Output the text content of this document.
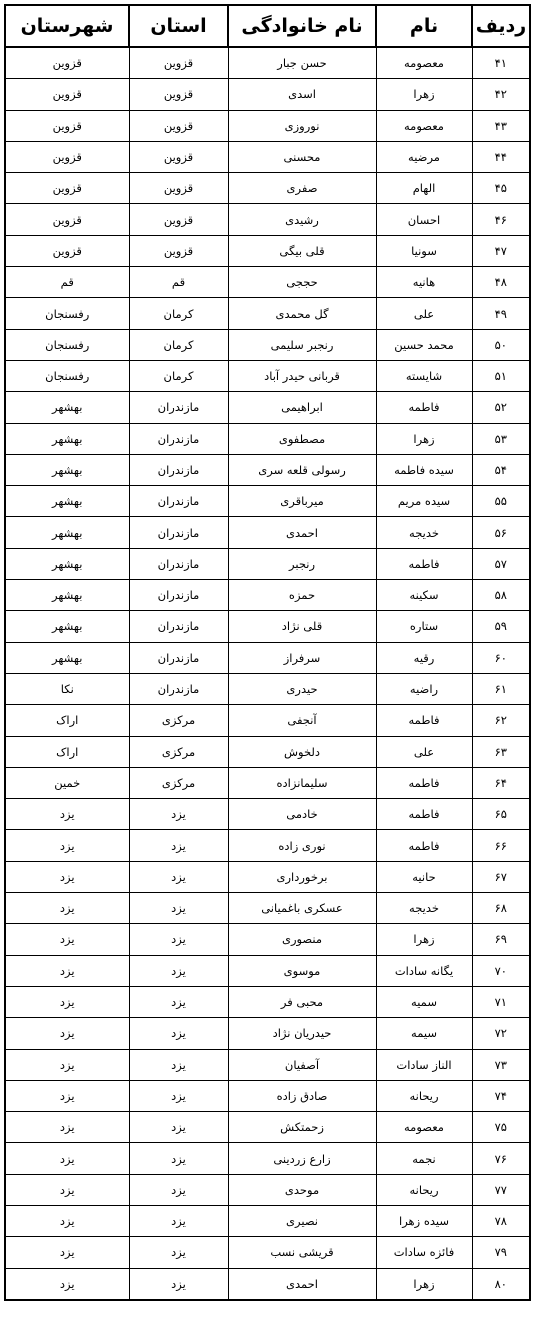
ردیف	نام	نام خانوادگی	استان	شهرستان
۴۱	معصومه	حسن جبار	قزوین	قزوین
۴۲	زهرا	اسدی	قزوین	قزوین
۴۳	معصومه	نوروزی	قزوین	قزوین
۴۴	مرضیه	محسنی	قزوین	قزوین
۴۵	الهام	صفری	قزوین	قزوین
۴۶	احسان	رشیدی	قزوین	قزوین
۴۷	سونیا	قلی بیگی	قزوین	قزوین
۴۸	هانیه	حججی	قم	قم
۴۹	علی	گل محمدی	کرمان	رفسنجان
۵۰	محمد حسین	رنجبر سلیمی	کرمان	رفسنجان
۵۱	شایسته	قربانی حیدر آباد	کرمان	رفسنجان
۵۲	فاطمه	ابراهیمی	مازندران	بهشهر
۵۳	زهرا	مصطفوی	مازندران	بهشهر
۵۴	سیده فاطمه	رسولی قلعه سری	مازندران	بهشهر
۵۵	سیده مریم	میرباقری	مازندران	بهشهر
۵۶	خدیجه	احمدی	مازندران	بهشهر
۵۷	فاطمه	رنجبر	مازندران	بهشهر
۵۸	سکینه	حمزه	مازندران	بهشهر
۵۹	ستاره	قلی نژاد	مازندران	بهشهر
۶۰	رقیه	سرفراز	مازندران	بهشهر
۶۱	راضیه	حیدری	مازندران	نکا
۶۲	فاطمه	آنجفی	مرکزی	اراک
۶۳	علی	دلخوش	مرکزی	اراک
۶۴	فاطمه	سلیمانزاده	مرکزی	خمین
۶۵	فاطمه	خادمی	یزد	یزد
۶۶	فاطمه	نوری زاده	یزد	یزد
۶۷	حانیه	برخورداری	یزد	یزد
۶۸	خدیجه	عسکری باغمیانی	یزد	یزد
۶۹	زهرا	منصوری	یزد	یزد
۷۰	یگانه سادات	موسوی	یزد	یزد
۷۱	سمیه	محبی فر	یزد	یزد
۷۲	سیمه	حیدریان نژاد	یزد	یزد
۷۳	الناز سادات	آصفیان	یزد	یزد
۷۴	ریحانه	صادق زاده	یزد	یزد
۷۵	معصومه	زحمتکش	یزد	یزد
۷۶	نجمه	زارع زردینی	یزد	یزد
۷۷	ریحانه	موحدی	یزد	یزد
۷۸	سیده زهرا	نصیری	یزد	یزد
۷۹	فائزه سادات	قریشی نسب	یزد	یزد
۸۰	زهرا	احمدی	یزد	یزد
